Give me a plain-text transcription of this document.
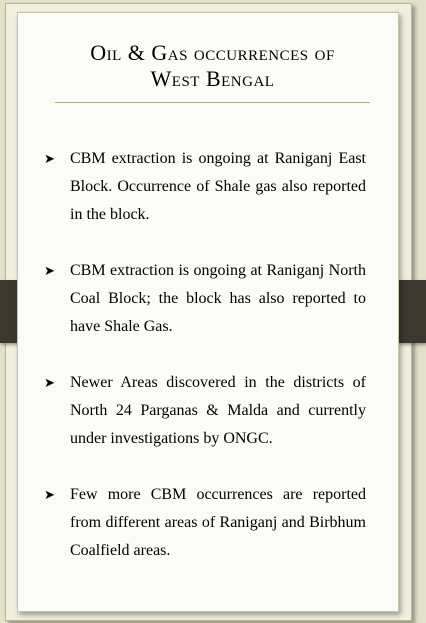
Oil & Gas occurrences of
West Bengal
➤ CBM extraction is ongoing at Raniganj East Block. Occurrence of Shale gas also reported in the block.
➤ CBM extraction is ongoing at Raniganj North Coal Block; the block has also reported to have Shale Gas.
➤ Newer Areas discovered in the districts of North 24 Parganas & Malda and currently under investigations by ONGC.
➤ Few more CBM occurrences are reported from different areas of Raniganj and Birbhum Coalfield areas.
